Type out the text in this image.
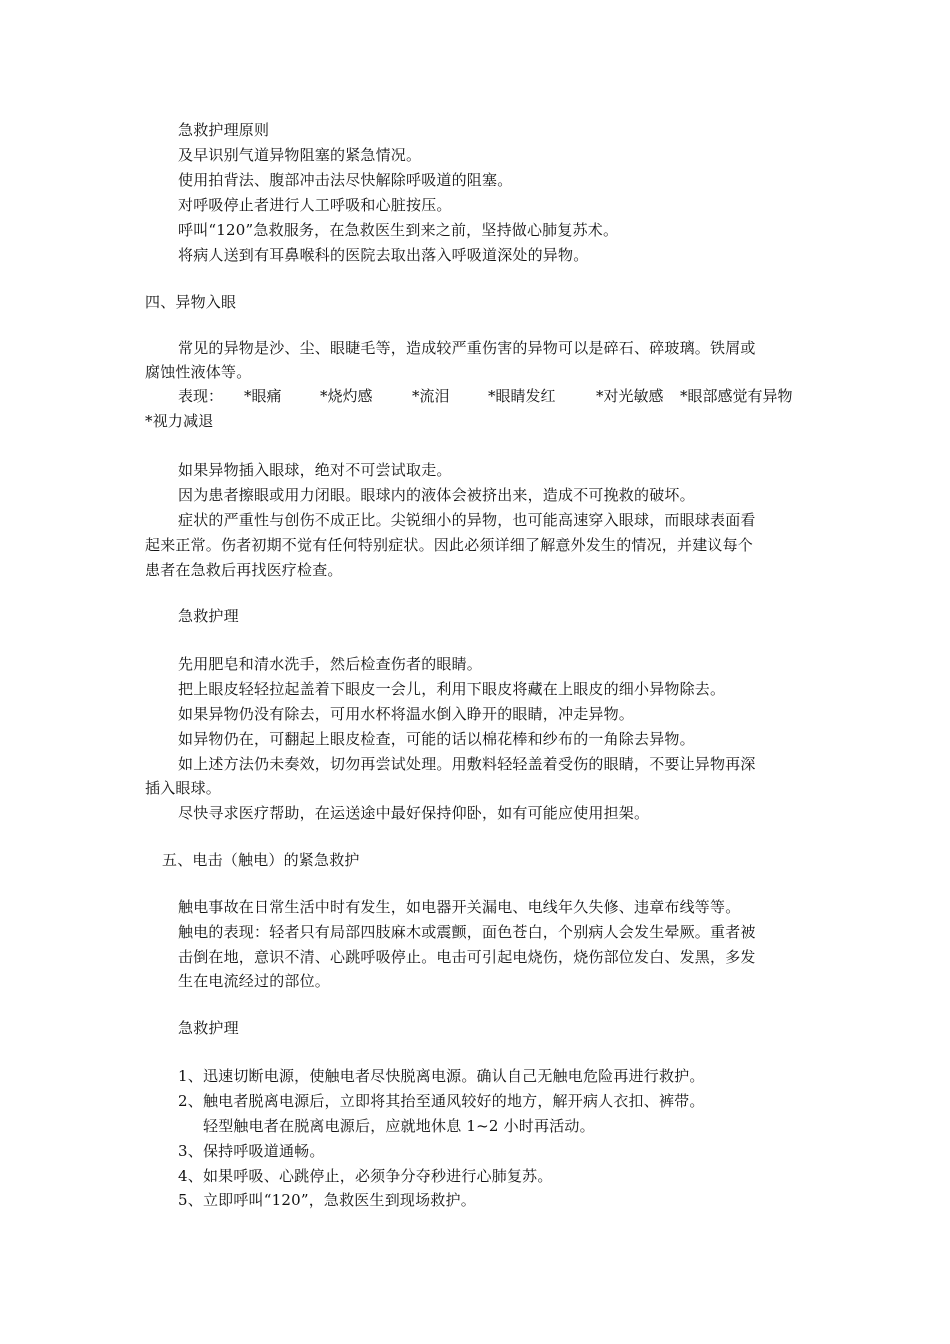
急救护理原则
及早识别气道异物阻塞的紧急情况。
使用拍背法、腹部冲击法尽快解除呼吸道的阻塞。
对呼吸停止者进行人工呼吸和心脏按压。
呼叫“120”急救服务，在急救医生到来之前，坚持做心肺复苏术。
将病人送到有耳鼻喉科的医院去取出落入呼吸道深处的异物。
四、异物入眼
常见的异物是沙、尘、眼睫毛等，造成较严重伤害的异物可以是碎石、碎玻璃。铁屑或
腐蚀性液体等。
表现： *眼痛	*烧灼感	*流泪	*眼睛发红	*对光敏感 *眼部感觉有异物
*视力减退
如果异物插入眼球，绝对不可尝试取走。
因为患者擦眼或用力闭眼。眼球内的液体会被挤出来，造成不可挽救的破坏。
症状的严重性与创伤不成正比。尖锐细小的异物，也可能高速穿入眼球，而眼球表面看
起来正常。伤者初期不觉有任何特别症状。因此必须详细了解意外发生的情况，并建议每个
患者在急救后再找医疗检查。
急救护理
先用肥皂和清水洗手，然后检查伤者的眼睛。
把上眼皮轻轻拉起盖着下眼皮一会儿，利用下眼皮将藏在上眼皮的细小异物除去。
如果异物仍没有除去，可用水杯将温水倒入睁开的眼睛，冲走异物。
如异物仍在，可翻起上眼皮检查，可能的话以棉花棒和纱布的一角除去异物。
如上述方法仍未奏效，切勿再尝试处理。用敷料轻轻盖着受伤的眼睛，不要让异物再深
插入眼球。
尽快寻求医疗帮助，在运送途中最好保持仰卧，如有可能应使用担架。
五、电击（触电）的紧急救护
触电事故在日常生活中时有发生，如电器开关漏电、电线年久失修、违章布线等等。
触电的表现：轻者只有局部四肢麻木或震颤，面色苍白，个别病人会发生晕厥。重者被
击倒在地，意识不清、心跳呼吸停止。电击可引起电烧伤，烧伤部位发白、发黑，多发
生在电流经过的部位。
急救护理
1、迅速切断电源，使触电者尽快脱离电源。确认自己无触电危险再进行救护。
2、触电者脱离电源后，立即将其抬至通风较好的地方，解开病人衣扣、裤带。
轻型触电者在脱离电源后，应就地休息 1~2 小时再活动。
3、保持呼吸道通畅。
4、如果呼吸、心跳停止，必须争分夺秒进行心肺复苏。
5、立即呼叫“120”，急救医生到现场救护。
